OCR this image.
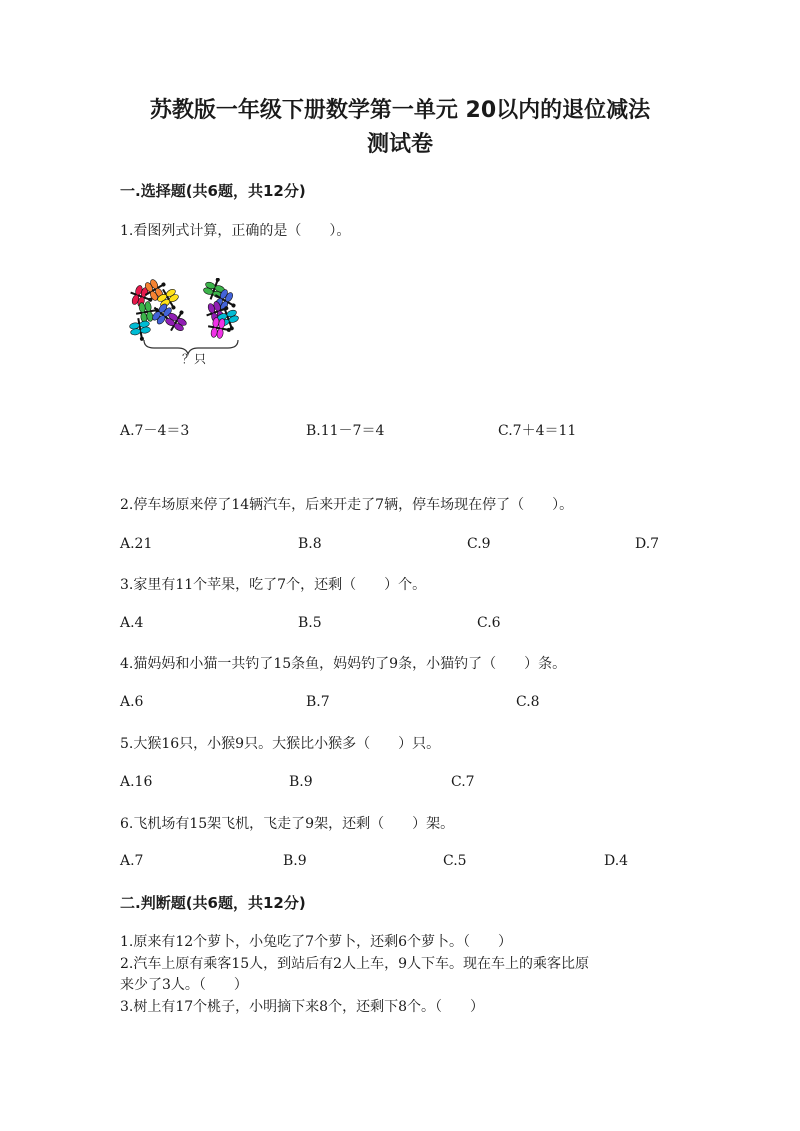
苏教版一年级下册数学第一单元 20以内的退位减法
测试卷
一.选择题(共6题，共12分)
1.看图列式计算，正确的是（　　）。
？只
A.7－4＝3	B.11－7＝4	C.7＋4＝11
2.停车场原来停了14辆汽车，后来开走了7辆，停车场现在停了（　　）。
A.21	B.8	C.9	D.7
3.家里有11个苹果，吃了7个，还剩（　　）个。
A.4	B.5	C.6
4.猫妈妈和小猫一共钓了15条鱼，妈妈钓了9条，小猫钓了（　　）条。
A.6	B.7	C.8
5.大猴16只，小猴9只。大猴比小猴多（　　）只。
A.16	B.9	C.7
6.飞机场有15架飞机，飞走了9架，还剩（　　）架。
A.7	B.9	C.5	D.4
二.判断题(共6题，共12分)
1.原来有12个萝卜，小兔吃了7个萝卜，还剩6个萝卜。（　　）
2.汽车上原有乘客15人，到站后有2人上车，9人下车。现在车上的乘客比原
来少了3人。（　　）
3.树上有17个桃子，小明摘下来8个，还剩下8个。（　　）
